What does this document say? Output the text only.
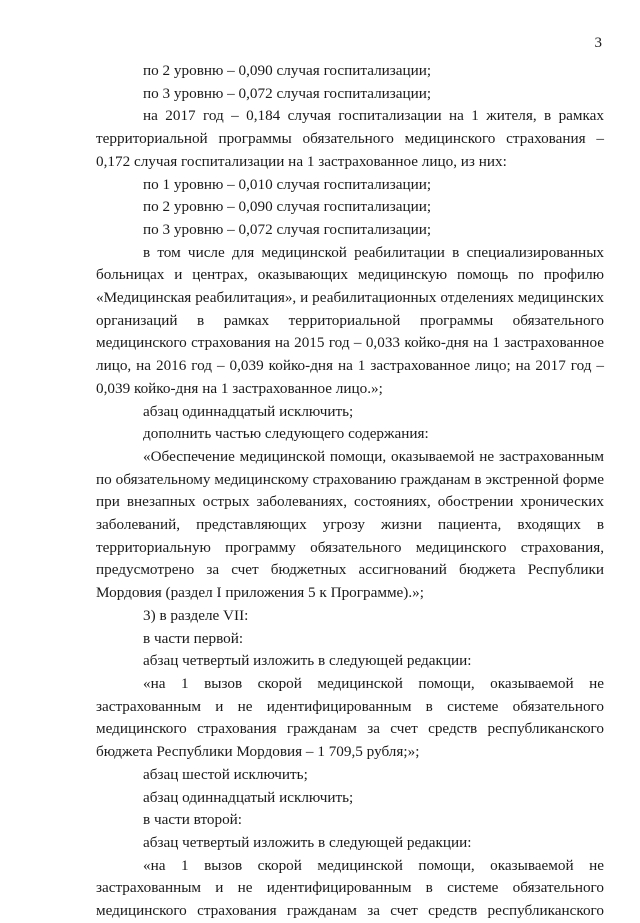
3

по 2 уровню – 0,090 случая госпитализации;

по 3 уровню – 0,072 случая госпитализации;

на 2017 год – 0,184 случая госпитализации на 1 жителя, в рамках территориальной программы обязательного медицинского страхования – 0,172 случая госпитализации на 1 застрахованное лицо, из них:

по 1 уровню – 0,010 случая госпитализации;

по 2 уровню – 0,090 случая госпитализации;

по 3 уровню – 0,072 случая госпитализации;

в том числе для медицинской реабилитации в специализированных больницах и центрах, оказывающих медицинскую помощь по профилю «Медицинская реабилитация», и реабилитационных отделениях медицинских организаций в рамках территориальной программы обязательного медицинского страхования на 2015 год – 0,033 койко-дня на 1 застрахованное лицо, на 2016 год – 0,039 койко-дня на 1 застрахованное лицо; на 2017 год – 0,039 койко-дня на 1 застрахованное лицо.»;

абзац одиннадцатый исключить;

дополнить частью следующего содержания:

«Обеспечение медицинской помощи, оказываемой не застрахованным по обязательному медицинскому страхованию гражданам в экстренной форме при внезапных острых заболеваниях, состояниях, обострении хронических заболеваний, представляющих угрозу жизни пациента, входящих в территориальную программу обязательного медицинского страхования, предусмотрено за счет бюджетных ассигнований бюджета Республики Мордовия (раздел I приложения 5 к Программе).»;

3) в разделе VII:

в части первой:

абзац четвертый изложить в следующей редакции:

«на 1 вызов скорой медицинской помощи, оказываемой не застрахованным и не идентифицированным в системе обязательного медицинского страхования гражданам за счет средств республиканского бюджета Республики Мордовия – 1 709,5 рубля;»;

абзац шестой исключить;

абзац одиннадцатый исключить;

в части второй:

абзац четвертый изложить в следующей редакции:

«на 1 вызов скорой медицинской помощи, оказываемой не застрахованным и не идентифицированным в системе обязательного медицинского страхования гражданам за счет средств республиканского
